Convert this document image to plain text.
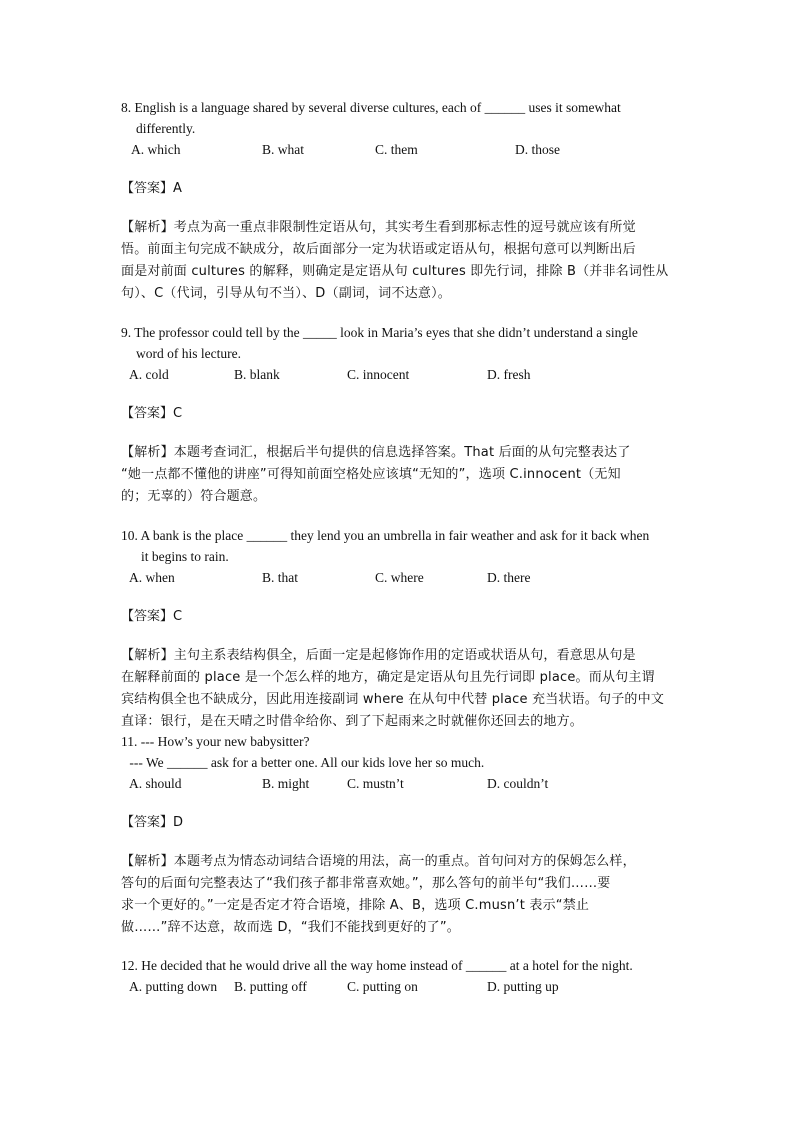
8. English is a language shared by several diverse cultures, each of ______ uses it somewhat
differently.
A. which	B. what	C. them	D. those
【答案】A
【解析】考点为高一重点非限制性定语从句，其实考生看到那标志性的逗号就应该有所觉
悟。前面主句完成不缺成分，故后面部分一定为状语或定语从句，根据句意可以判断出后
面是对前面 cultures 的解释，则确定是定语从句 cultures 即先行词，排除 B（并非名词性从
句）、C（代词，引导从句不当）、D（副词，词不达意）。
9. The professor could tell by the _____ look in Maria’s eyes that she didn’t understand a single
word of his lecture.
A. cold	B. blank	C. innocent	D. fresh
【答案】C
【解析】本题考查词汇，根据后半句提供的信息选择答案。That 后面的从句完整表达了
“她一点都不懂他的讲座”可得知前面空格处应该填“无知的”，选项 C.innocent（无知
的；无辜的）符合题意。
10. A bank is the place ______ they lend you an umbrella in fair weather and ask for it back when
it begins to rain.
A. when	B. that	C. where	D. there
【答案】C
【解析】主句主系表结构俱全，后面一定是起修饰作用的定语或状语从句，看意思从句是
在解释前面的 place 是一个怎么样的地方，确定是定语从句且先行词即 place。而从句主谓
宾结构俱全也不缺成分，因此用连接副词 where 在从句中代替 place 充当状语。句子的中文
直译：银行，是在天晴之时借伞给你、到了下起雨来之时就催你还回去的地方。
11. --- How’s your new babysitter?
--- We ______ ask for a better one. All our kids love her so much.
A. should	B. might	C. mustn’t	D. couldn’t
【答案】D
【解析】本题考点为情态动词结合语境的用法，高一的重点。首句问对方的保姆怎么样，
答句的后面句完整表达了“我们孩子都非常喜欢她。”，那么答句的前半句“我们……要
求一个更好的。”一定是否定才符合语境，排除 A、B，选项 C.musn’t 表示“禁止
做……”辞不达意，故而选 D，“我们不能找到更好的了”。
12. He decided that he would drive all the way home instead of ______ at a hotel for the night.
A. putting down B. putting off	C. putting on	D. putting up
